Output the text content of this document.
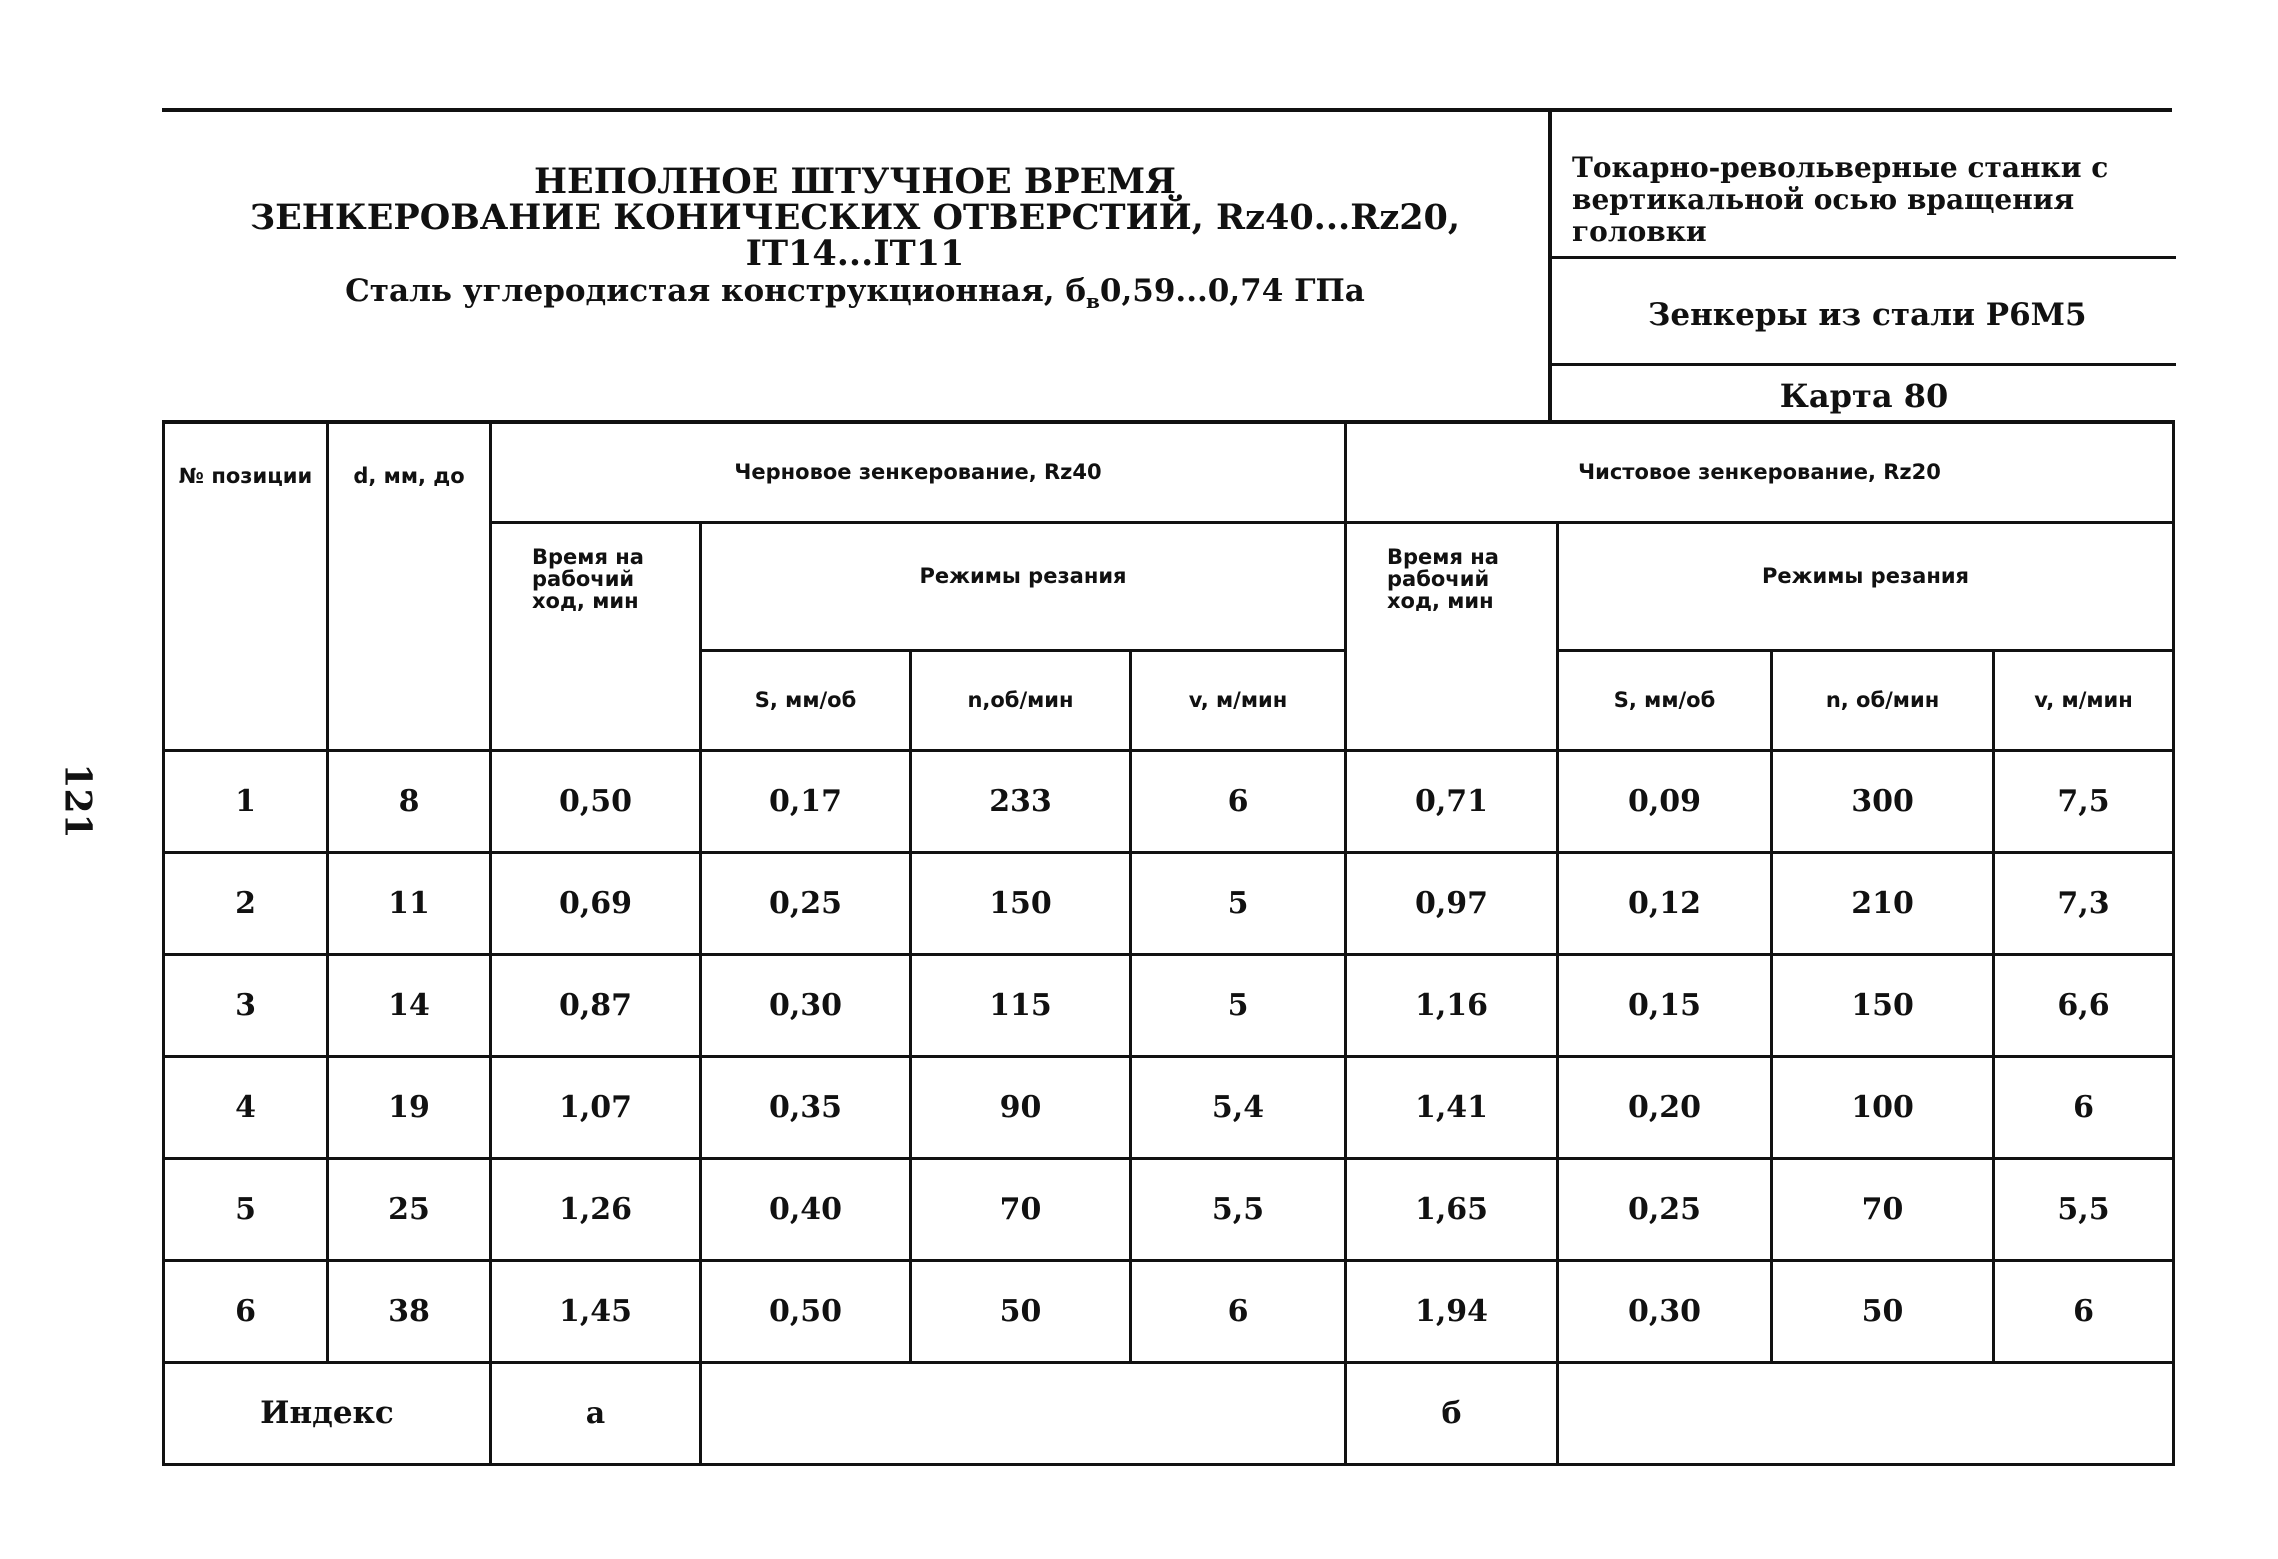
121
НЕПОЛНОЕ ШТУЧНОЕ ВРЕМЯ
ЗЕНКЕРОВАНИЕ КОНИЧЕСКИХ ОТВЕРСТИЙ, Rz40...Rz20, IT14...IT11
Сталь углеродистая конструкционная, $б_в0,59...0,74$ ГПа
Токарно-револьверные станки с вертикальной осью вращения головки
Зенкеры из стали Р6М5
Карта 80
№ позиции	d, мм, до	Черновое зенкерование, Rz40				Чистовое зенкерование, Rz20			
		Время на рабочий ход, мин	Режимы резания			Время на рабочий ход, мин	Режимы резания		
			S, мм/об	n,об/мин	v, м/мин		S, мм/об	n, об/мин	v, м/мин
1	8	0,50	0,17	233	6	0,71	0,09	300	7,5
2	11	0,69	0,25	150	5	0,97	0,12	210	7,3
3	14	0,87	0,30	115	5	1,16	0,15	150	6,6
4	19	1,07	0,35	90	5,4	1,41	0,20	100	6
5	25	1,26	0,40	70	5,5	1,65	0,25	70	5,5
6	38	1,45	0,50	50	6	1,94	0,30	50	6
Индекс		а				б			
